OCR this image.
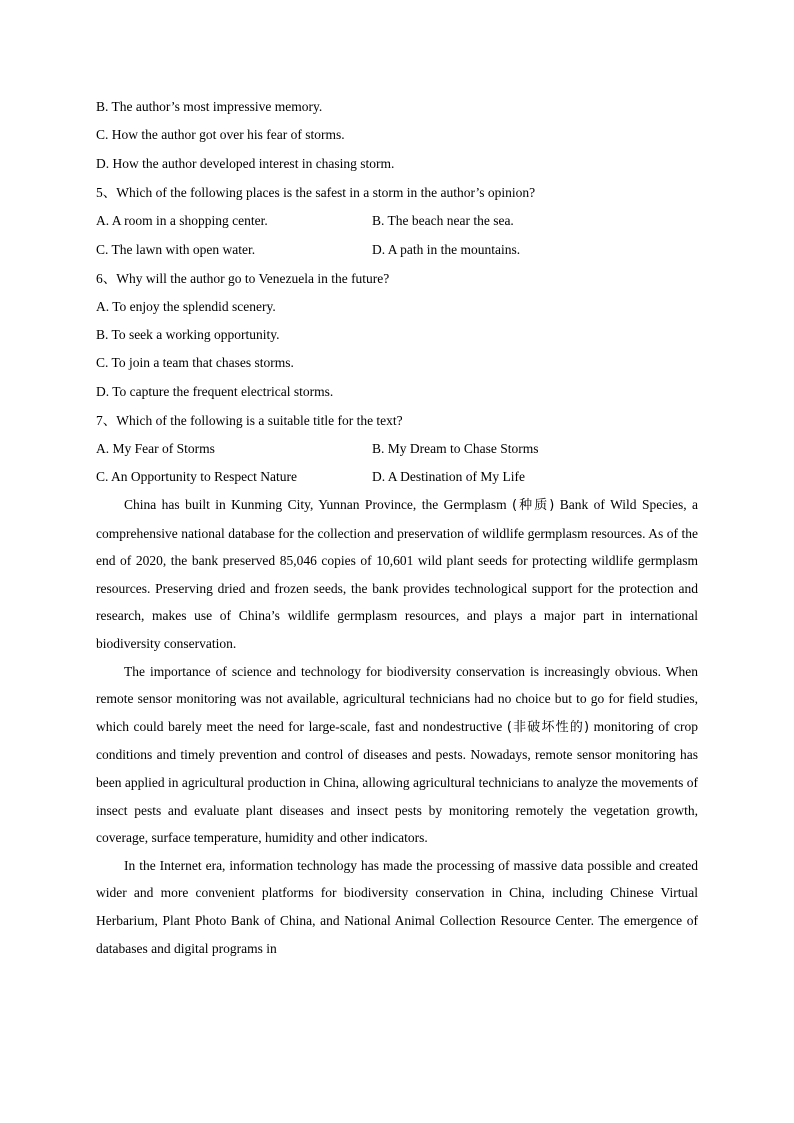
B. The author’s most impressive memory.
C. How the author got over his fear of storms.
D. How the author developed interest in chasing storm.
5、Which of the following places is the safest in a storm in the author’s opinion?
A. A room in a shopping center.	B. The beach near the sea.
C. The lawn with open water.	D. A path in the mountains.
6、Why will the author go to Venezuela in the future?
A. To enjoy the splendid scenery.
B. To seek a working opportunity.
C. To join a team that chases storms.
D. To capture the frequent electrical storms.
7、Which of the following is a suitable title for the text?
A. My Fear of Storms	B. My Dream to Chase Storms
C. An Opportunity to Respect Nature	D. A Destination of My Life

China has built in Kunming City, Yunnan Province, the Germplasm (种质) Bank of Wild Species, a comprehensive national database for the collection and preservation of wildlife germplasm resources. As of the end of 2020, the bank preserved 85,046 copies of 10,601 wild plant seeds for protecting wildlife germplasm resources. Preserving dried and frozen seeds, the bank provides technological support for the protection and research, makes use of China’s wildlife germplasm resources, and plays a major part in international biodiversity conservation.

The importance of science and technology for biodiversity conservation is increasingly obvious. When remote sensor monitoring was not available, agricultural technicians had no choice but to go for field studies, which could barely meet the need for large-scale, fast and nondestructive (非破坏性的) monitoring of crop conditions and timely prevention and control of diseases and pests. Nowadays, remote sensor monitoring has been applied in agricultural production in China, allowing agricultural technicians to analyze the movements of insect pests and evaluate plant diseases and insect pests by monitoring remotely the vegetation growth, coverage, surface temperature, humidity and other indicators.

In the Internet era, information technology has made the processing of massive data possible and created wider and more convenient platforms for biodiversity conservation in China, including Chinese Virtual Herbarium, Plant Photo Bank of China, and National Animal Collection Resource Center. The emergence of databases and digital programs in
